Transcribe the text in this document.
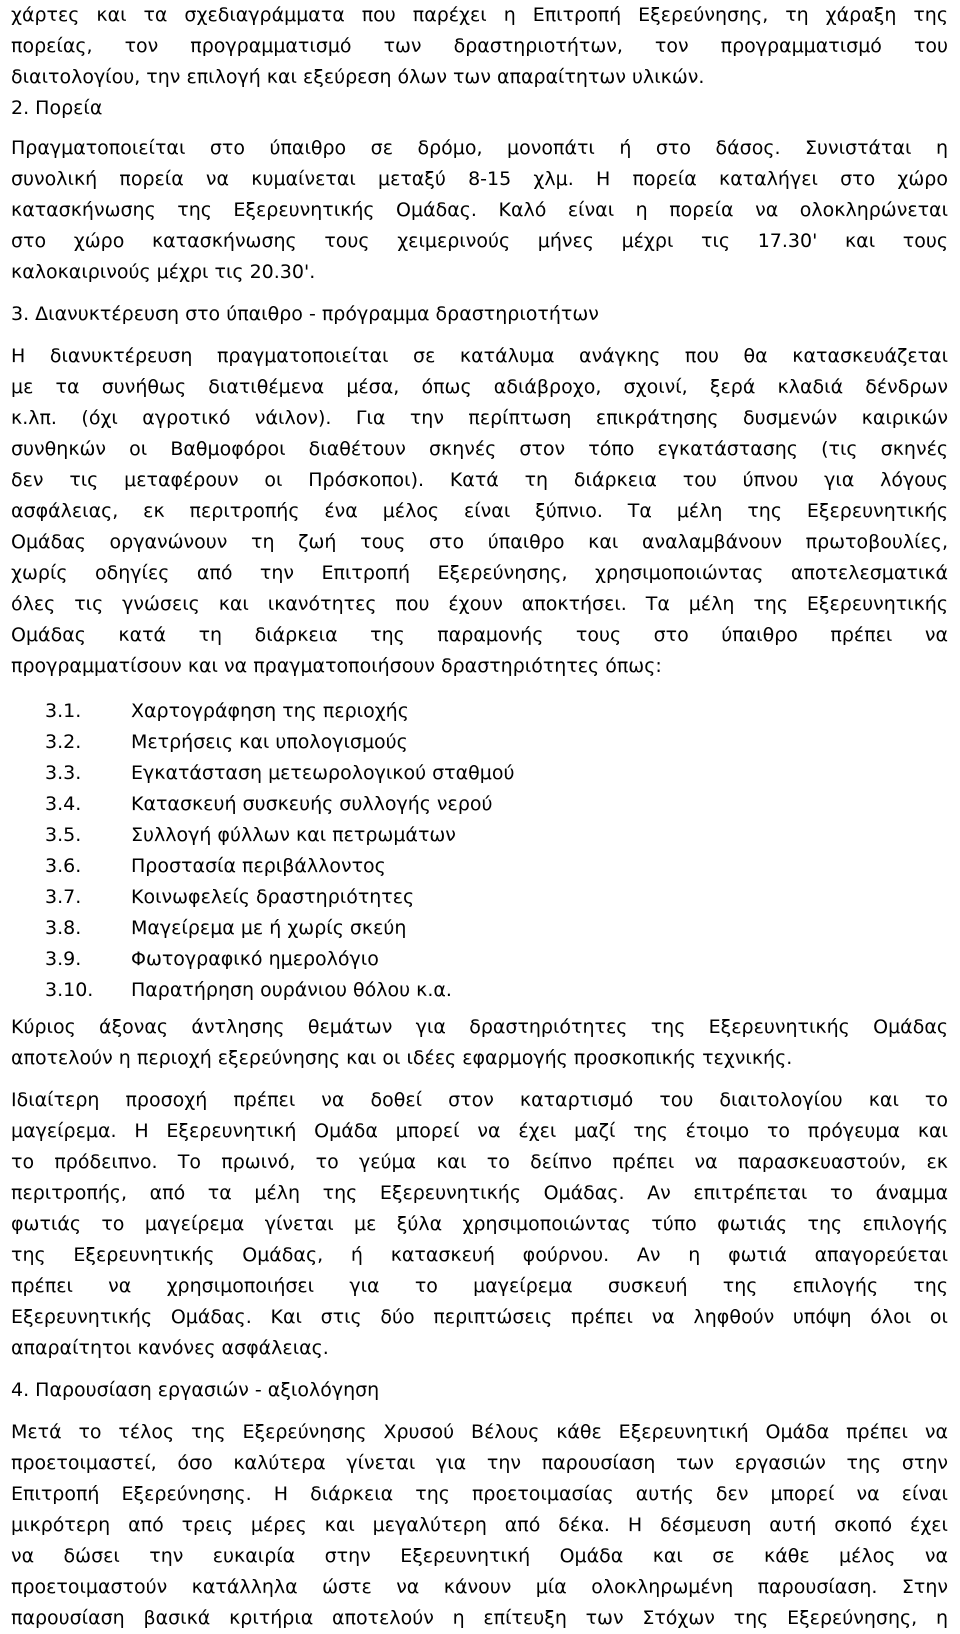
χάρτες και τα σχεδιαγράμματα που παρέχει η Επιτροπή Εξερεύνησης, τη χάραξη της
πορείας, τον προγραμματισμό των δραστηριοτήτων, τον προγραμματισμό του
διαιτολογίου, την επιλογή και εξεύρεση όλων των απαραίτητων υλικών.
2. Πορεία
Πραγματοποιείται στο ύπαιθρο σε δρόμο, μονοπάτι ή στο δάσος. Συνιστάται η
συνολική πορεία να κυμαίνεται μεταξύ 8-15 χλμ. Η πορεία καταλήγει στο χώρο
κατασκήνωσης της Εξερευνητικής Ομάδας. Καλό είναι η πορεία να ολοκληρώνεται
στο χώρο κατασκήνωσης τους χειμερινούς μήνες μέχρι τις 17.30' και τους
καλοκαιρινούς μέχρι τις 20.30'.
3. Διανυκτέρευση στο ύπαιθρο - πρόγραμμα δραστηριοτήτων
Η διανυκτέρευση πραγματοποιείται σε κατάλυμα ανάγκης που θα κατασκευάζεται
με τα συνήθως διατιθέμενα μέσα, όπως αδιάβροχο, σχοινί, ξερά κλαδιά δένδρων
κ.λπ. (όχι αγροτικό νάιλον). Για την περίπτωση επικράτησης δυσμενών καιρικών
συνθηκών οι Βαθμοφόροι διαθέτουν σκηνές στον τόπο εγκατάστασης (τις σκηνές
δεν τις μεταφέρουν οι Πρόσκοποι). Κατά τη διάρκεια του ύπνου για λόγους
ασφάλειας, εκ περιτροπής ένα μέλος είναι ξύπνιο. Τα μέλη της Εξερευνητικής
Ομάδας οργανώνουν τη ζωή τους στο ύπαιθρο και αναλαμβάνουν πρωτοβουλίες,
χωρίς οδηγίες από την Επιτροπή Εξερεύνησης, χρησιμοποιώντας αποτελεσματικά
όλες τις γνώσεις και ικανότητες που έχουν αποκτήσει. Τα μέλη της Εξερευνητικής
Ομάδας κατά τη διάρκεια της παραμονής τους στο ύπαιθρο πρέπει να
προγραμματίσουν και να πραγματοποιήσουν δραστηριότητες όπως:
3.1.	Χαρτογράφηση της περιοχής
3.2.	Μετρήσεις και υπολογισμούς
3.3.	Εγκατάσταση μετεωρολογικού σταθμού
3.4.	Κατασκευή συσκευής συλλογής νερού
3.5.	Συλλογή φύλλων και πετρωμάτων
3.6.	Προστασία περιβάλλοντος
3.7.	Κοινωφελείς δραστηριότητες
3.8.	Μαγείρεμα με ή χωρίς σκεύη
3.9.	Φωτογραφικό ημερολόγιο
3.10.	Παρατήρηση ουράνιου θόλου κ.α.
Κύριος άξονας άντλησης θεμάτων για δραστηριότητες της Εξερευνητικής Ομάδας
αποτελούν η περιοχή εξερεύνησης και οι ιδέες εφαρμογής προσκοπικής τεχνικής.
Ιδιαίτερη προσοχή πρέπει να δοθεί στον καταρτισμό του διαιτολογίου και το
μαγείρεμα. Η Εξερευνητική Ομάδα μπορεί να έχει μαζί της έτοιμο το πρόγευμα και
το πρόδειπνο. Το πρωινό, το γεύμα και το δείπνο πρέπει να παρασκευαστούν, εκ
περιτροπής, από τα μέλη της Εξερευνητικής Ομάδας. Αν επιτρέπεται το άναμμα
φωτιάς το μαγείρεμα γίνεται με ξύλα χρησιμοποιώντας τύπο φωτιάς της επιλογής
της Εξερευνητικής Ομάδας, ή κατασκευή φούρνου. Αν η φωτιά απαγορεύεται
πρέπει να χρησιμοποιήσει για το μαγείρεμα συσκευή της επιλογής της
Εξερευνητικής Ομάδας. Και στις δύο περιπτώσεις πρέπει να ληφθούν υπόψη όλοι οι
απαραίτητοι κανόνες ασφάλειας.
4. Παρουσίαση εργασιών - αξιολόγηση
Μετά το τέλος της Εξερεύνησης Χρυσού Βέλους κάθε Εξερευνητική Ομάδα πρέπει να
προετοιμαστεί, όσο καλύτερα γίνεται για την παρουσίαση των εργασιών της στην
Επιτροπή Εξερεύνησης. Η διάρκεια της προετοιμασίας αυτής δεν μπορεί να είναι
μικρότερη από τρεις μέρες και μεγαλύτερη από δέκα. Η δέσμευση αυτή σκοπό έχει
να δώσει την ευκαιρία στην Εξερευνητική Ομάδα και σε κάθε μέλος να
προετοιμαστούν κατάλληλα ώστε να κάνουν μία ολοκληρωμένη παρουσίαση. Στην
παρουσίαση βασικά κριτήρια αποτελούν η επίτευξη των Στόχων της Εξερεύνησης, η
